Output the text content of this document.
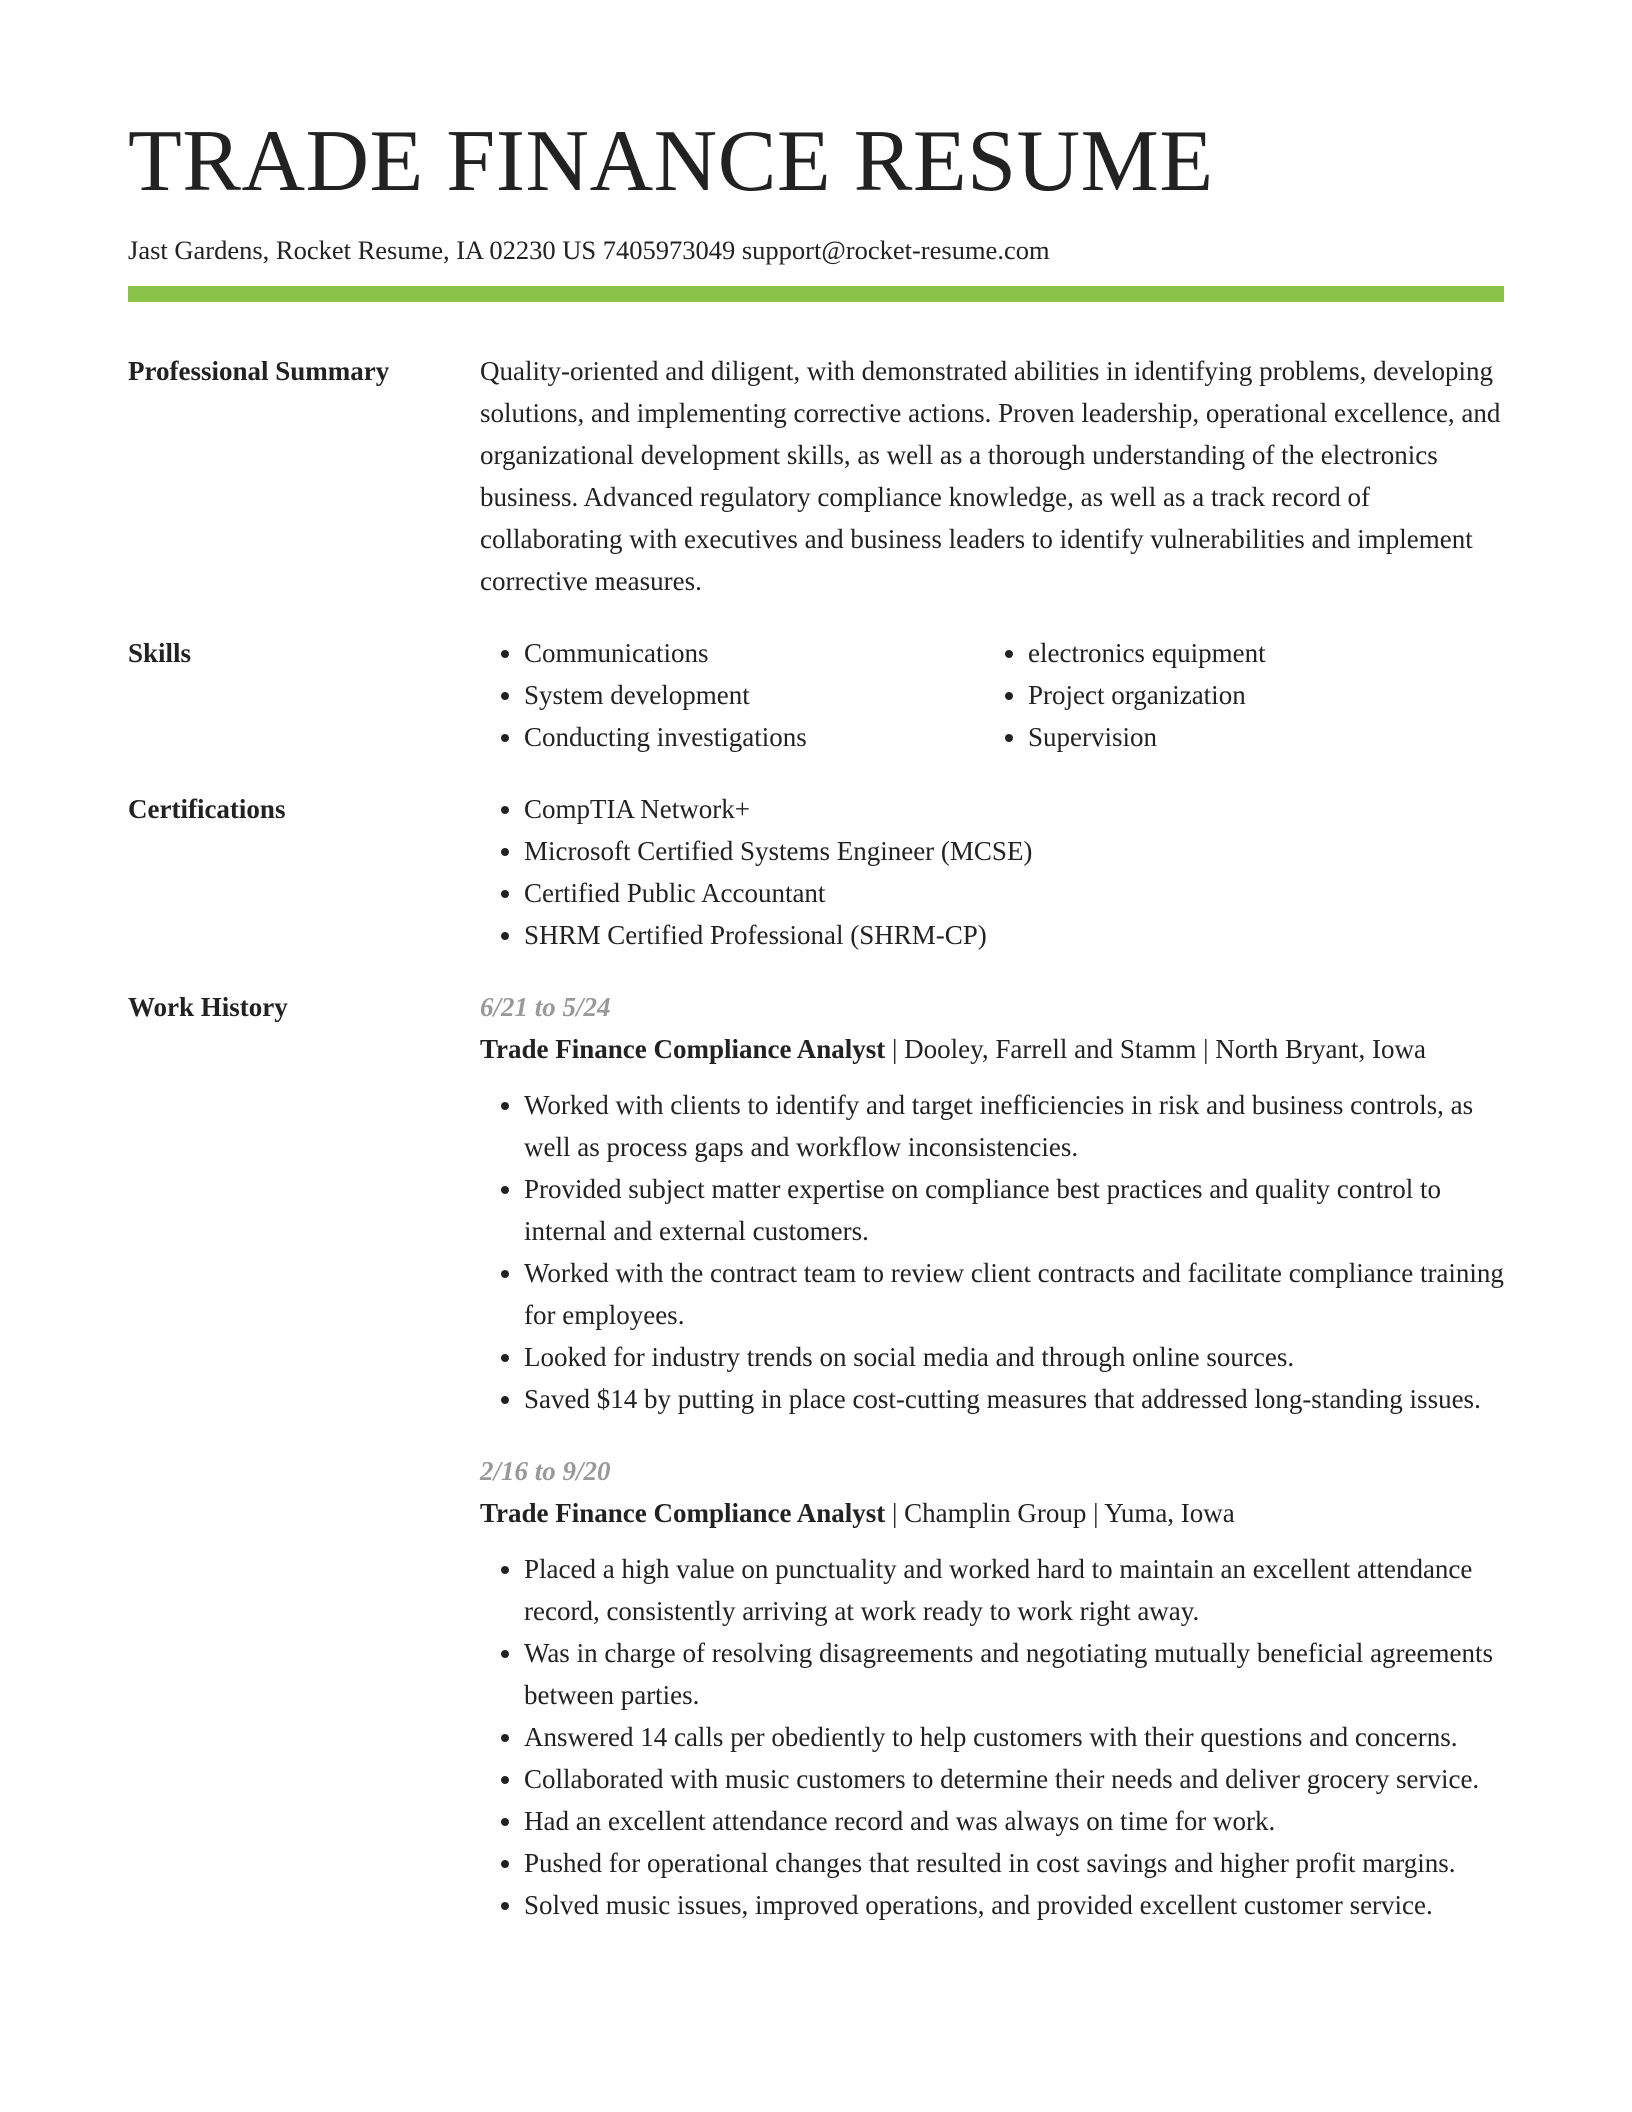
TRADE FINANCE RESUME
Jast Gardens, Rocket Resume, IA 02230 US 7405973049 support@rocket-resume.com
Professional Summary	Quality-oriented and diligent, with demonstrated abilities in identifying problems, developing solutions, and implementing corrective actions. Proven leadership, operational excellence, and organizational development skills, as well as a thorough understanding of the electronics business. Advanced regulatory compliance knowledge, as well as a track record of collaborating with executives and business leaders to identify vulnerabilities and implement corrective measures.

Skills	• Communications
• System development
• Conducting investigations
• electronics equipment
• Project organization
• Supervision
Certifications	• CompTIA Network+
• Microsoft Certified Systems Engineer (MCSE)
• Certified Public Accountant
• SHRM Certified Professional (SHRM-CP)
Work History	6/21 to 5/24
Trade Finance Compliance Analyst | Dooley, Farrell and Stamm | North Bryant, Iowa
• Worked with clients to identify and target inefficiencies in risk and business controls, as well as process gaps and workflow inconsistencies.
• Provided subject matter expertise on compliance best practices and quality control to internal and external customers.
• Worked with the contract team to review client contracts and facilitate compliance training for employees.
• Looked for industry trends on social media and through online sources.
• Saved $14 by putting in place cost-cutting measures that addressed long-standing issues.
2/16 to 9/20
Trade Finance Compliance Analyst | Champlin Group | Yuma, Iowa
• Placed a high value on punctuality and worked hard to maintain an excellent attendance record, consistently arriving at work ready to work right away.
• Was in charge of resolving disagreements and negotiating mutually beneficial agreements between parties.
• Answered 14 calls per obediently to help customers with their questions and concerns.
• Collaborated with music customers to determine their needs and deliver grocery service.
• Had an excellent attendance record and was always on time for work.
• Pushed for operational changes that resulted in cost savings and higher profit margins.
• Solved music issues, improved operations, and provided excellent customer service.
